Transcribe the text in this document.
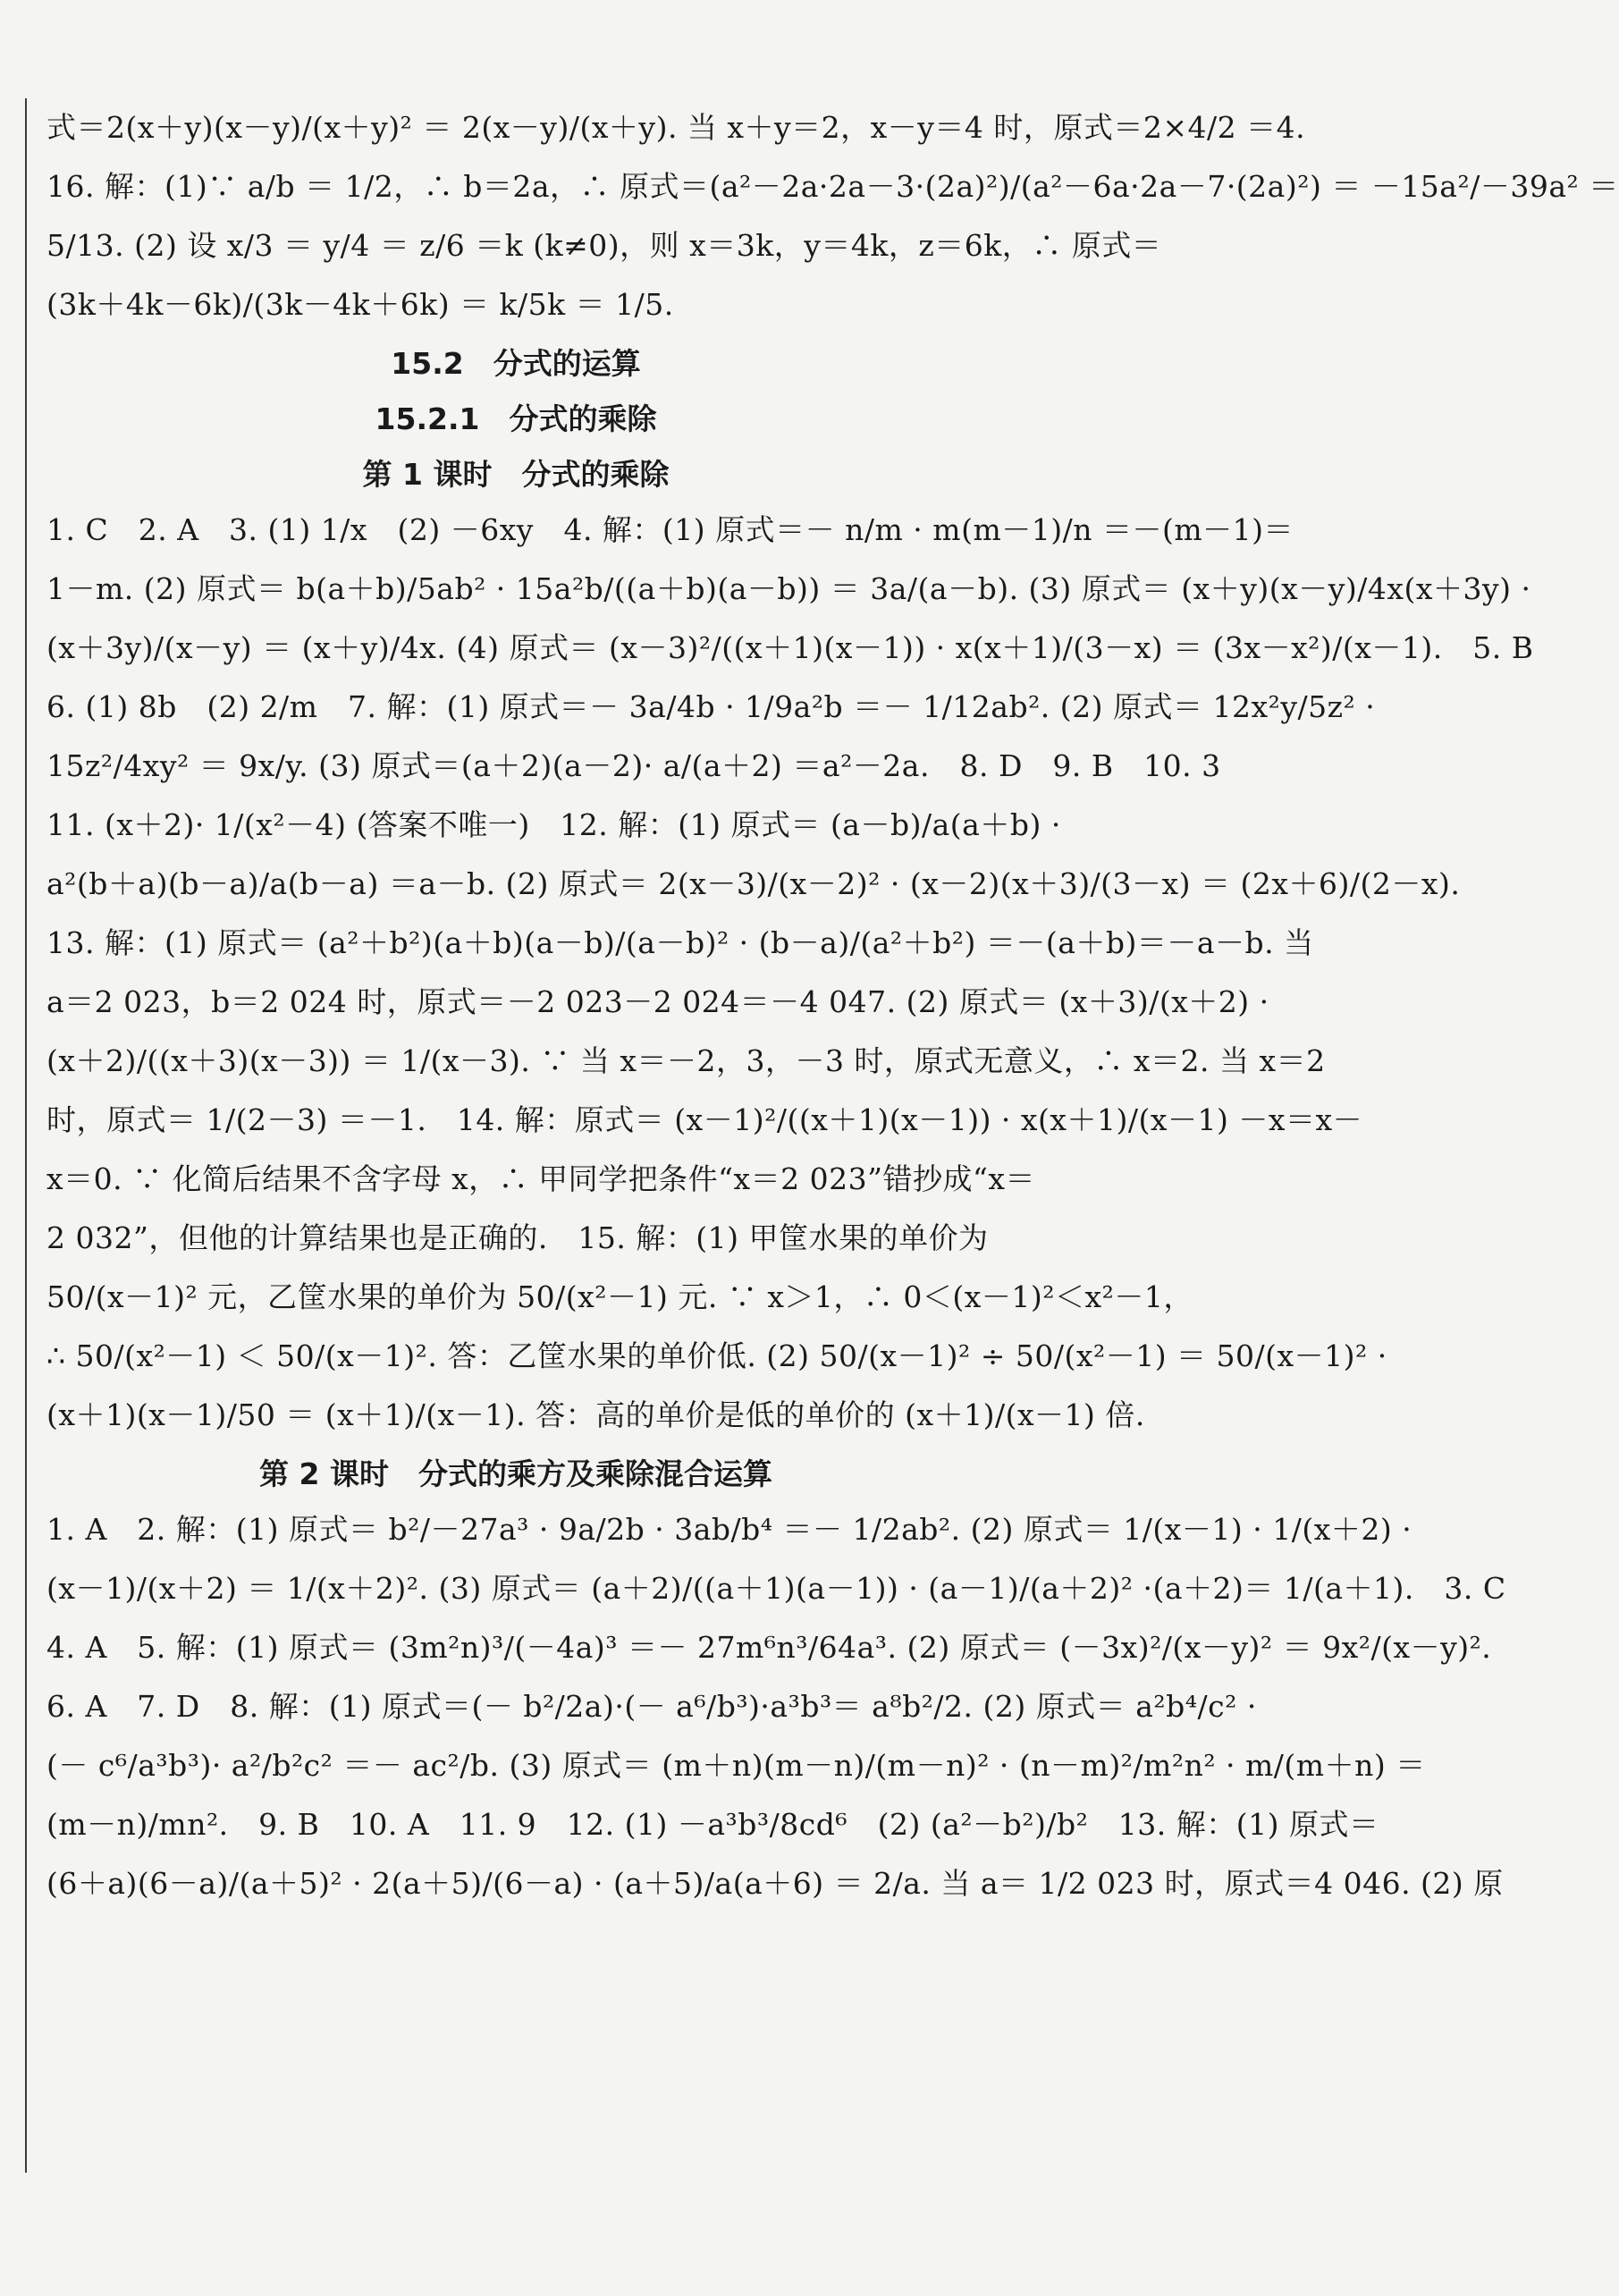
式＝2(x＋y)(x－y)/(x＋y)² ＝ 2(x－y)/(x＋y). 当 x＋y＝2，x－y＝4 时，原式＝2×4/2 ＝4.
16. 解：(1)∵ a/b ＝ 1/2，∴ b＝2a，∴ 原式＝(a²－2a·2a－3·(2a)²)/(a²－6a·2a－7·(2a)²) ＝ －15a²/－39a² ＝
5/13. (2) 设 x/3 ＝ y/4 ＝ z/6 ＝k (k≠0)，则 x＝3k，y＝4k，z＝6k，∴ 原式＝
(3k＋4k－6k)/(3k－4k＋6k) ＝ k/5k ＝ 1/5.
15.2　分式的运算
15.2.1　分式的乘除
第 1 课时　分式的乘除
1. C　2. A　3. (1) 1/x　(2) －6xy　4. 解：(1) 原式＝－ n/m · m(m－1)/n ＝－(m－1)＝
1－m. (2) 原式＝ b(a＋b)/5ab² · 15a²b/((a＋b)(a－b)) ＝ 3a/(a－b). (3) 原式＝ (x＋y)(x－y)/4x(x＋3y) ·
(x＋3y)/(x－y) ＝ (x＋y)/4x. (4) 原式＝ (x－3)²/((x＋1)(x－1)) · x(x＋1)/(3－x) ＝ (3x－x²)/(x－1).　5. B
6. (1) 8b　(2) 2/m　7. 解：(1) 原式＝－ 3a/4b · 1/9a²b ＝－ 1/12ab². (2) 原式＝ 12x²y/5z² ·
15z²/4xy² ＝ 9x/y. (3) 原式＝(a＋2)(a－2)· a/(a＋2) ＝a²－2a.　8. D　9. B　10. 3
11. (x＋2)· 1/(x²－4) (答案不唯一)　12. 解：(1) 原式＝ (a－b)/a(a＋b) ·
a²(b＋a)(b－a)/a(b－a) ＝a－b. (2) 原式＝ 2(x－3)/(x－2)² · (x－2)(x＋3)/(3－x) ＝ (2x＋6)/(2－x).
13. 解：(1) 原式＝ (a²＋b²)(a＋b)(a－b)/(a－b)² · (b－a)/(a²＋b²) ＝－(a＋b)＝－a－b. 当
a＝2 023，b＝2 024 时，原式＝－2 023－2 024＝－4 047. (2) 原式＝ (x＋3)/(x＋2) ·
(x＋2)/((x＋3)(x－3)) ＝ 1/(x－3). ∵ 当 x＝－2，3，－3 时，原式无意义，∴ x＝2. 当 x＝2
时，原式＝ 1/(2－3) ＝－1.　14. 解：原式＝ (x－1)²/((x＋1)(x－1)) · x(x＋1)/(x－1) －x＝x－
x＝0. ∵ 化简后结果不含字母 x，∴ 甲同学把条件“x＝2 023”错抄成“x＝
2 032”，但他的计算结果也是正确的.　15. 解：(1) 甲筐水果的单价为
50/(x－1)² 元，乙筐水果的单价为 50/(x²－1) 元. ∵ x＞1，∴ 0＜(x－1)²＜x²－1，
∴ 50/(x²－1) ＜ 50/(x－1)². 答：乙筐水果的单价低. (2) 50/(x－1)² ÷ 50/(x²－1) ＝ 50/(x－1)² ·
(x＋1)(x－1)/50 ＝ (x＋1)/(x－1). 答：高的单价是低的单价的 (x＋1)/(x－1) 倍.
第 2 课时　分式的乘方及乘除混合运算
1. A　2. 解：(1) 原式＝ b²/－27a³ · 9a/2b · 3ab/b⁴ ＝－ 1/2ab². (2) 原式＝ 1/(x－1) · 1/(x＋2) ·
(x－1)/(x＋2) ＝ 1/(x＋2)². (3) 原式＝ (a＋2)/((a＋1)(a－1)) · (a－1)/(a＋2)² ·(a＋2)＝ 1/(a＋1).　3. C
4. A　5. 解：(1) 原式＝ (3m²n)³/(－4a)³ ＝－ 27m⁶n³/64a³. (2) 原式＝ (－3x)²/(x－y)² ＝ 9x²/(x－y)².
6. A　7. D　8. 解：(1) 原式＝(－ b²/2a)·(－ a⁶/b³)·a³b³＝ a⁸b²/2. (2) 原式＝ a²b⁴/c² ·
(－ c⁶/a³b³)· a²/b²c² ＝－ ac²/b. (3) 原式＝ (m＋n)(m－n)/(m－n)² · (n－m)²/m²n² · m/(m＋n) ＝
(m－n)/mn².　9. B　10. A　11. 9　12. (1) －a³b³/8cd⁶　(2) (a²－b²)/b²　13. 解：(1) 原式＝
(6＋a)(6－a)/(a＋5)² · 2(a＋5)/(6－a) · (a＋5)/a(a＋6) ＝ 2/a. 当 a＝ 1/2 023 时，原式＝4 046. (2) 原
